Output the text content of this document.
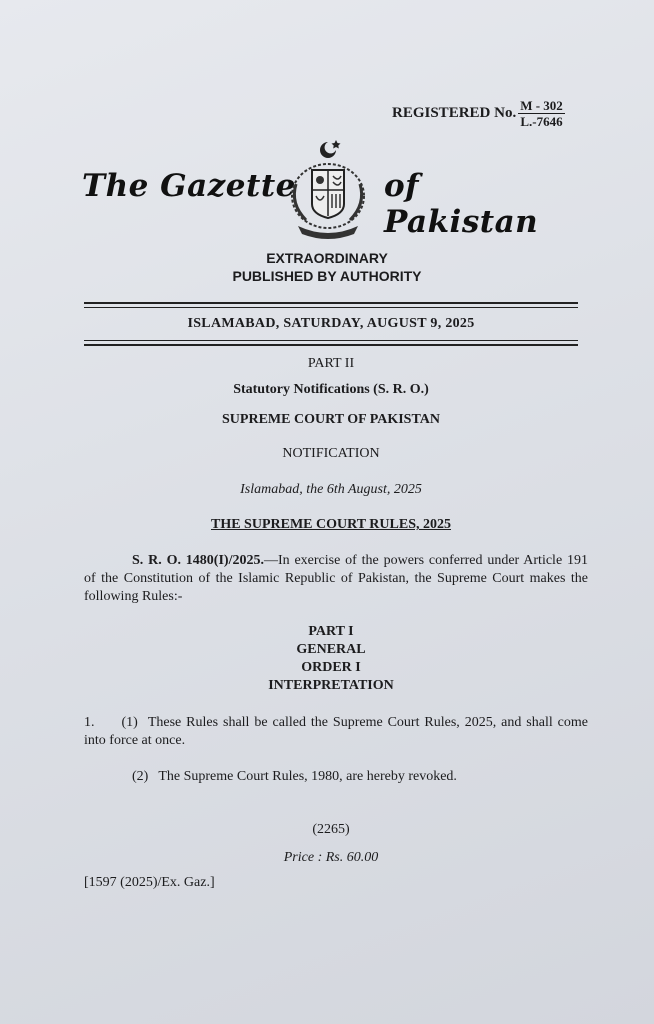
REGISTERED No. $\frac{M - 302}{L.-7646}$
The Gazette	of Pakistan
EXTRAORDINARY
PUBLISHED BY AUTHORITY
ISLAMABAD, SATURDAY, AUGUST 9, 2025
PART II
Statutory Notifications (S. R. O.)
SUPREME COURT OF PAKISTAN
NOTIFICATION
Islamabad, the 6th August, 2025
THE SUPREME COURT RULES, 2025
S. R. O. 1480(I)/2025.—In exercise of the powers conferred under Article 191 of the Constitution of the Islamic Republic of Pakistan, the Supreme Court makes the following Rules:-
PART I
GENERAL
ORDER I
INTERPRETATION
1. (1) These Rules shall be called the Supreme Court Rules, 2025, and shall come into force at once.
(2) The Supreme Court Rules, 1980, are hereby revoked.
(2265)
Price : Rs. 60.00
[1597 (2025)/Ex. Gaz.]
